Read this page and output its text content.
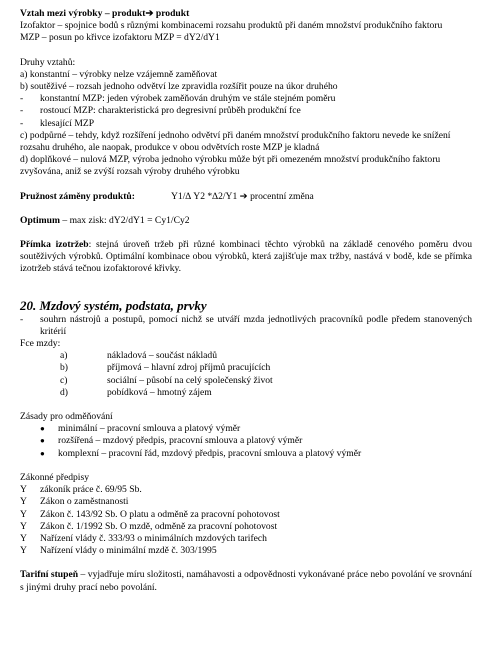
Vztah mezi výrobky – produkt➔ produkt

Izofaktor – spojnice bodů s různými kombinacemi rozsahu produktů při daném množství produkčního faktoru

MZP – posun po křivce izofaktoru MZP = dY2/dY1

Druhy vztahů:

a) konstantní – výrobky nelze vzájemně zaměňovat

b) soutěživé – rozsah jednoho odvětví lze zpravidla rozšířit pouze na úkor druhého

-	konstantní MZP: jeden výrobek zaměňován druhým ve stále stejném poměru
-	rostoucí MZP: charakteristická pro degresivní průběh produkční fce
-	klesající MZP

c) podpůrné – tehdy, když rozšíření jednoho odvětví při daném množství produkčního faktoru nevede ke snížení rozsahu druhého, ale naopak, produkce v obou odvětvích roste MZP je kladná

d) doplňkové – nulová MZP, výroba jednoho výrobku může být při omezeném množství produkčního faktoru zvyšována, aniž se zvýší rozsah výroby druhého výrobku

Pružnost záměny produktů:	Y1/∆ Y2 *∆2/Y1 ➔ procentní změna

Optimum – max zisk: dY2/dY1 = Cy1/Cy2

Přímka izotržeb: stejná úroveň tržeb při různé kombinaci těchto výrobků na základě cenového poměru dvou soutěživých výrobků. Optimální kombinace obou výrobků, která zajišťuje max tržby, nastává v bodě, kde se přímka izotržeb stává tečnou izofaktorové křivky.

20. Mzdový systém, podstata, prvky

-	souhrn nástrojů a postupů, pomocí nichž se utváří mzda jednotlivých pracovníků podle předem stanovených kritérií

Fce mzdy:

a)	nákladová – součást nákladů
b)	příjmová – hlavní zdroj příjmů pracujících
c)	sociální – působí na celý společenský život
d)	pobídková – hmotný zájem

Zásady pro odměňování

●	minimální – pracovní smlouva a platový výměr
●	rozšířená – mzdový předpis, pracovní smlouva a platový výměr
●	komplexní – pracovní řád, mzdový předpis, pracovní smlouva a platový výměr

Zákonné předpisy

Y	zákoník práce č. 69/95 Sb.
Y	Zákon o zaměstnanosti
Y	Zákon č. 143/92 Sb. O platu a odměně za pracovní pohotovost
Y	Zákon č. 1/1992 Sb. O mzdě, odměně za pracovní pohotovost
Y	Nařízení vlády č. 333/93 o minimálních mzdových tarifech
Y	Nařízení vlády o minimální mzdě č. 303/1995

Tarifní stupeň – vyjadřuje míru složitosti, namáhavosti a odpovědnosti vykonávané práce nebo povolání ve srovnání s jinými druhy prací nebo povolání.
